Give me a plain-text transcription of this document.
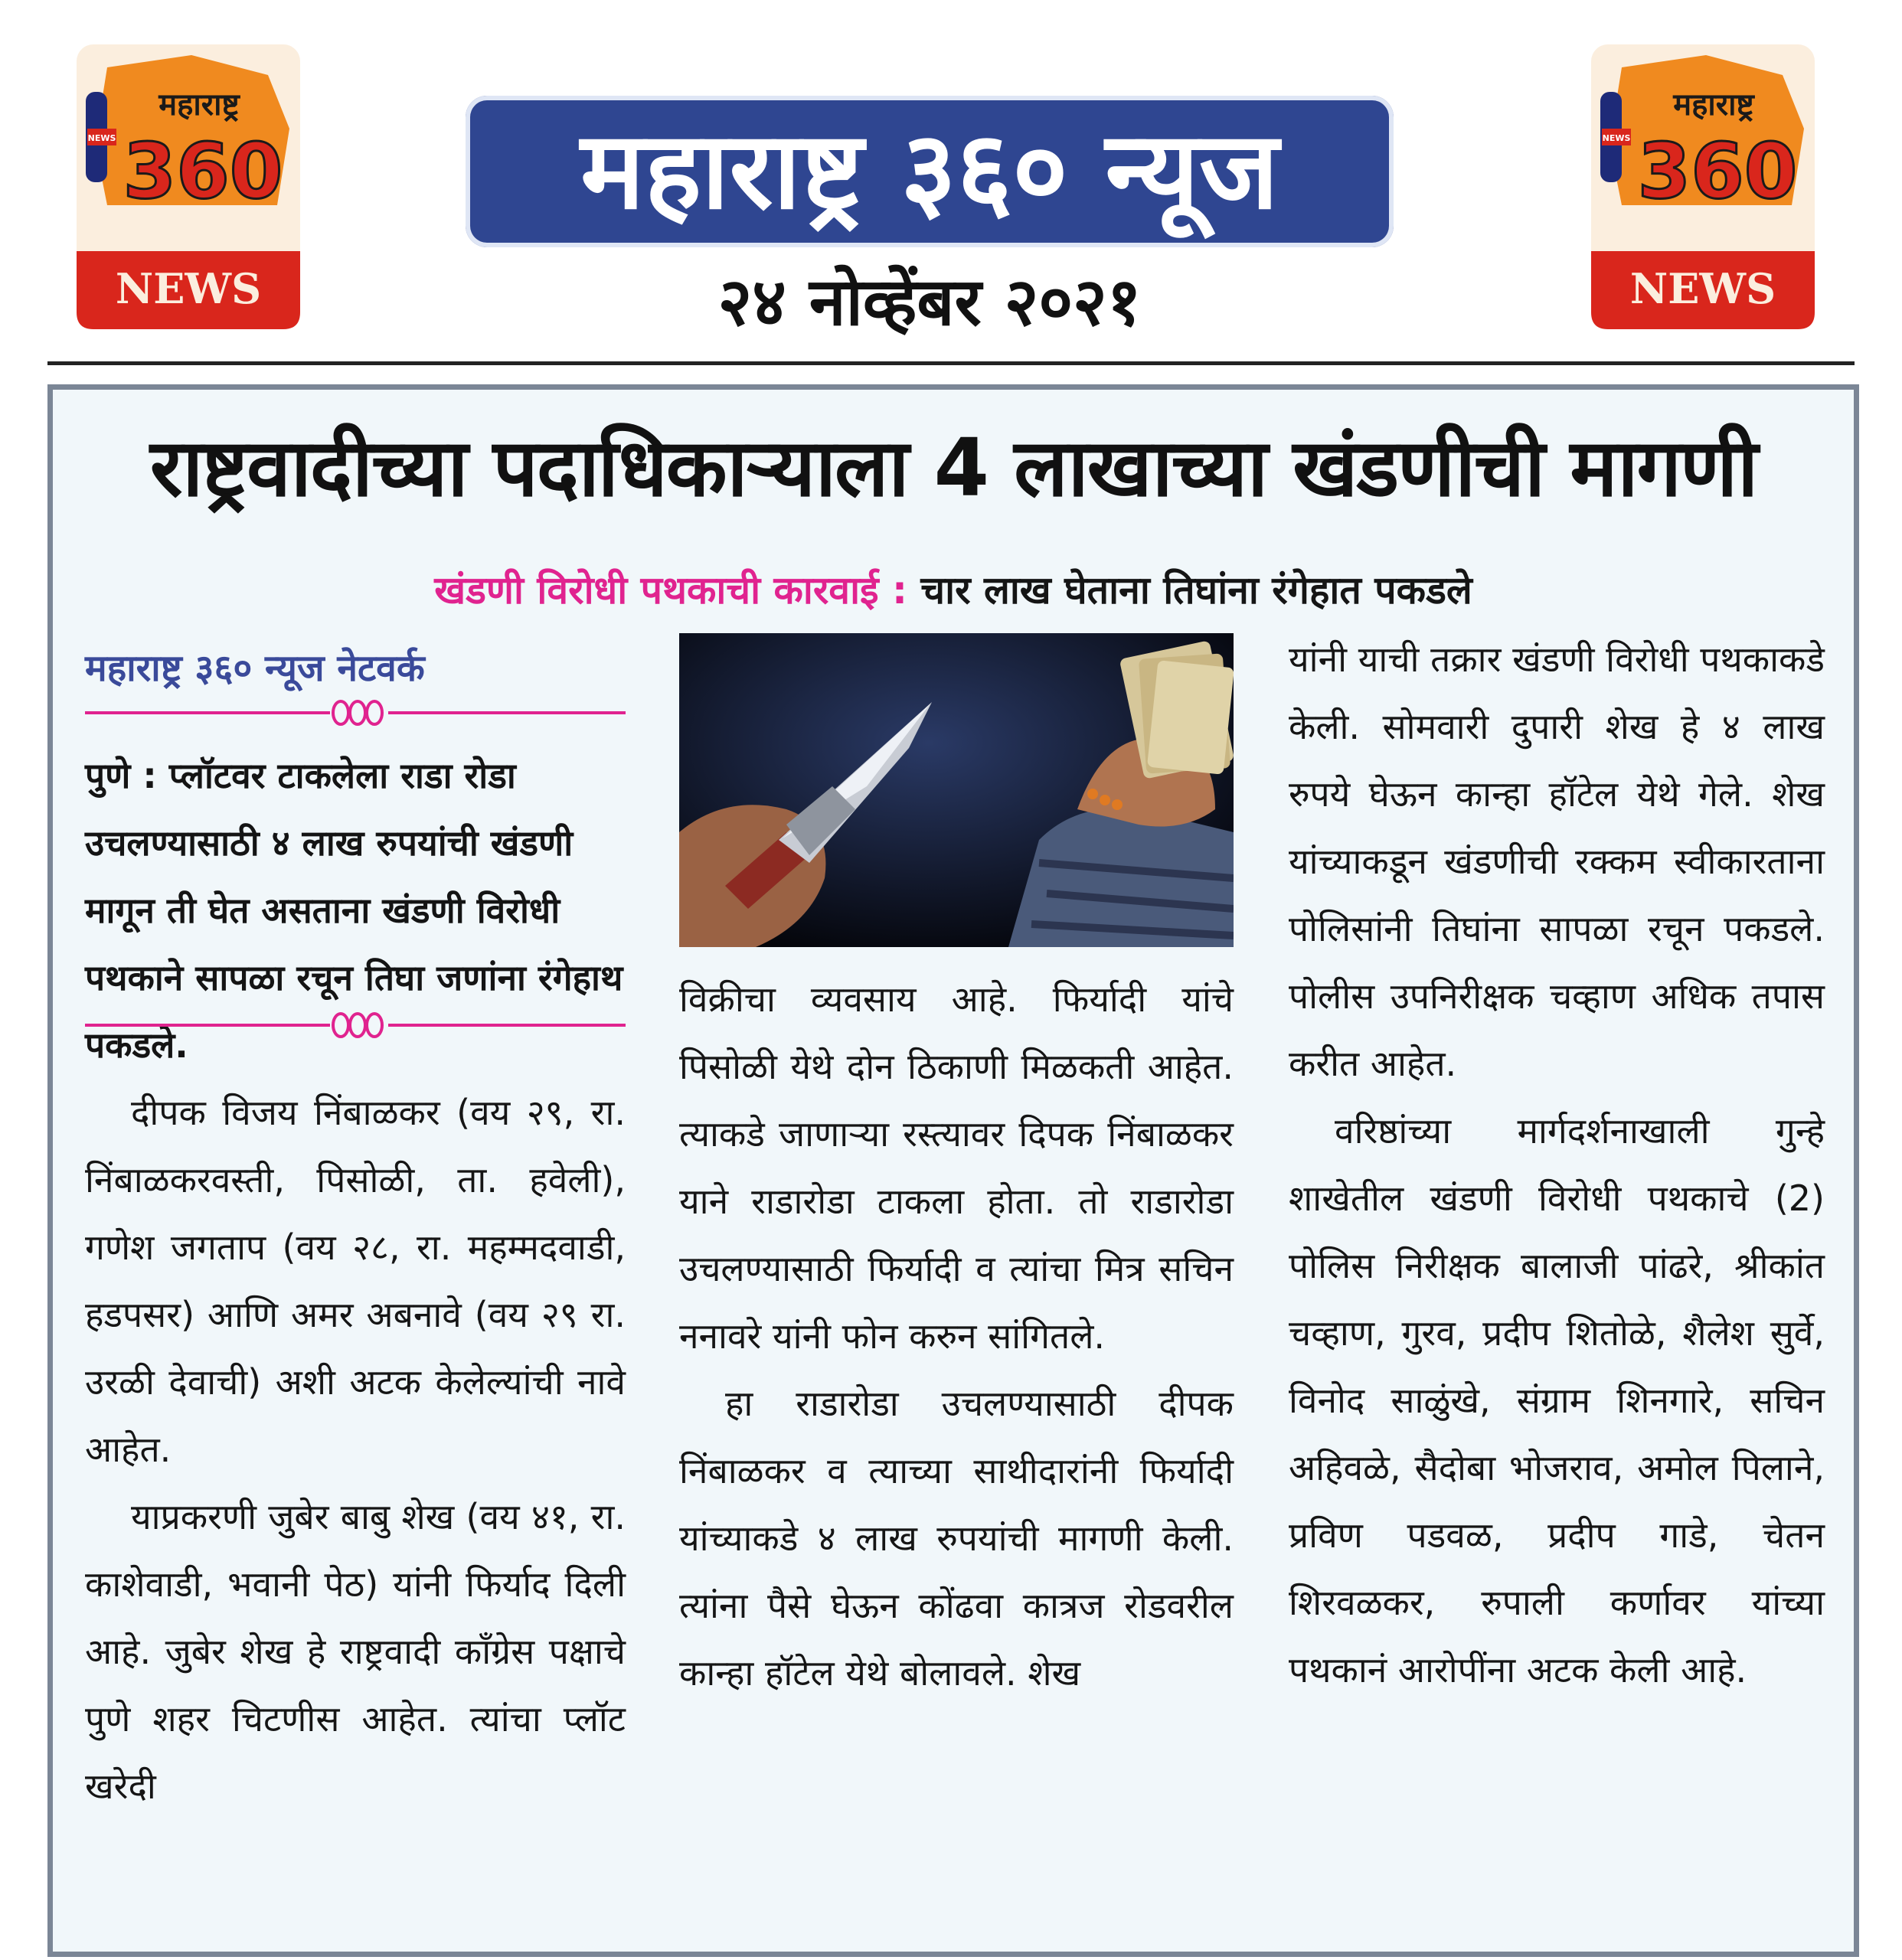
NEWS
महाराष्ट्र
360
NEWS
NEWS
महाराष्ट्र
360
NEWS
महाराष्ट्र ३६० न्यूज
२४ नोव्हेंबर २०२१
राष्ट्रवादीच्या पदाधिकाऱ्याला 4 लाखाच्या खंडणीची मागणी
खंडणी विरोधी पथकाची कारवाई : चार लाख घेताना तिघांना रंगेहात पकडले
महाराष्ट्र ३६० न्यूज नेटवर्क
पुणे : प्लॉटवर टाकलेला राडा रोडा उचलण्यासाठी ४ लाख रुपयांची खंडणी मागून ती घेत असताना खंडणी विरोधी पथकाने सापळा रचून तिघा जणांना रंगेहाथ पकडले.

दीपक विजय निंबाळकर (वय २९, रा. निंबाळकरवस्ती, पिसोळी, ता. हवेली), गणेश जगताप (वय २८, रा. महम्मदवाडी, हडपसर) आणि अमर अबनावे (वय २९ रा. उरळी देवाची) अशी अटक केलेल्यांची नावे आहेत.

याप्रकरणी जुबेर बाबु शेख (वय ४१, रा. काशेवाडी, भवानी पेठ) यांनी फिर्याद दिली आहे. जुबेर शेख हे राष्ट्रवादी काँग्रेस पक्षाचे पुणे शहर चिटणीस आहेत. त्यांचा प्लॉट खरेदी

विक्रीचा व्यवसाय आहे. फिर्यादी यांचे पिसोळी येथे दोन ठिकाणी मिळकती आहेत. त्याकडे जाणाऱ्या रस्त्यावर दिपक निंबाळकर याने राडारोडा टाकला होता. तो राडारोडा उचलण्यासाठी फिर्यादी व त्यांचा मित्र सचिन ननावरे यांनी फोन करुन सांगितले.

हा राडारोडा उचलण्यासाठी दीपक निंबाळकर व त्याच्या साथीदारांनी फिर्यादी यांच्याकडे ४ लाख रुपयांची मागणी केली. त्यांना पैसे घेऊन कोंढवा कात्रज रोडवरील कान्हा हॉटेल येथे बोलावले. शेख

यांनी याची तक्रार खंडणी विरोधी पथकाकडे केली. सोमवारी दुपारी शेख हे ४ लाख रुपये घेऊन कान्हा हॉटेल येथे गेले. शेख यांच्याकडून खंडणीची रक्कम स्वीकारताना पोलिसांनी तिघांना सापळा रचून पकडले. पोलीस उपनिरीक्षक चव्हाण अधिक तपास करीत आहेत.

वरिष्ठांच्या मार्गदर्शनाखाली गुन्हे शाखेतील खंडणी विरोधी पथकाचे (2) पोलिस निरीक्षक बालाजी पांढरे, श्रीकांत चव्हाण, गुरव, प्रदीप शितोळे, शैलेश सुर्वे, विनोद साळुंखे, संग्राम शिनगारे, सचिन अहिवळे, सैदोबा भोजराव, अमोल पिलाने, प्रविण पडवळ, प्रदीप गाडे, चेतन शिरवळकर, रुपाली कर्णावर यांच्या पथकानं आरोपींना अटक केली आहे.
